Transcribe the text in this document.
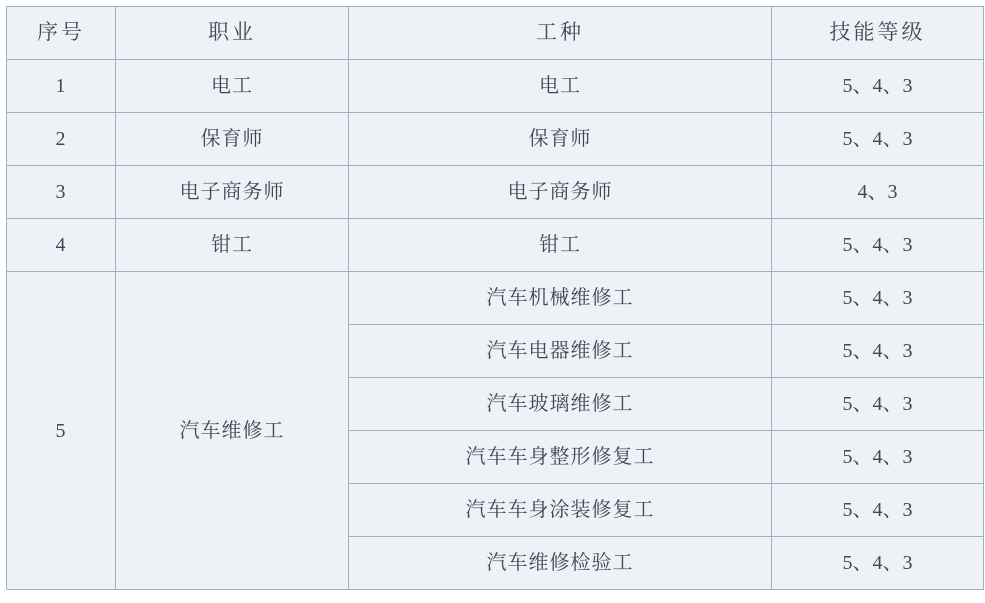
序号	职业	工种	技能等级

1	电工	电工	5、4、3

2	保育师	保育师	5、4、3

3	电子商务师	电子商务师	4、3

4	钳工	钳工	5、4、3

5	汽车维修工	汽车机械维修工	5、4、3

		汽车电器维修工	5、4、3

		汽车玻璃维修工	5、4、3

		汽车车身整形修复工	5、4、3

		汽车车身涂装修复工	5、4、3

		汽车维修检验工	5、4、3
